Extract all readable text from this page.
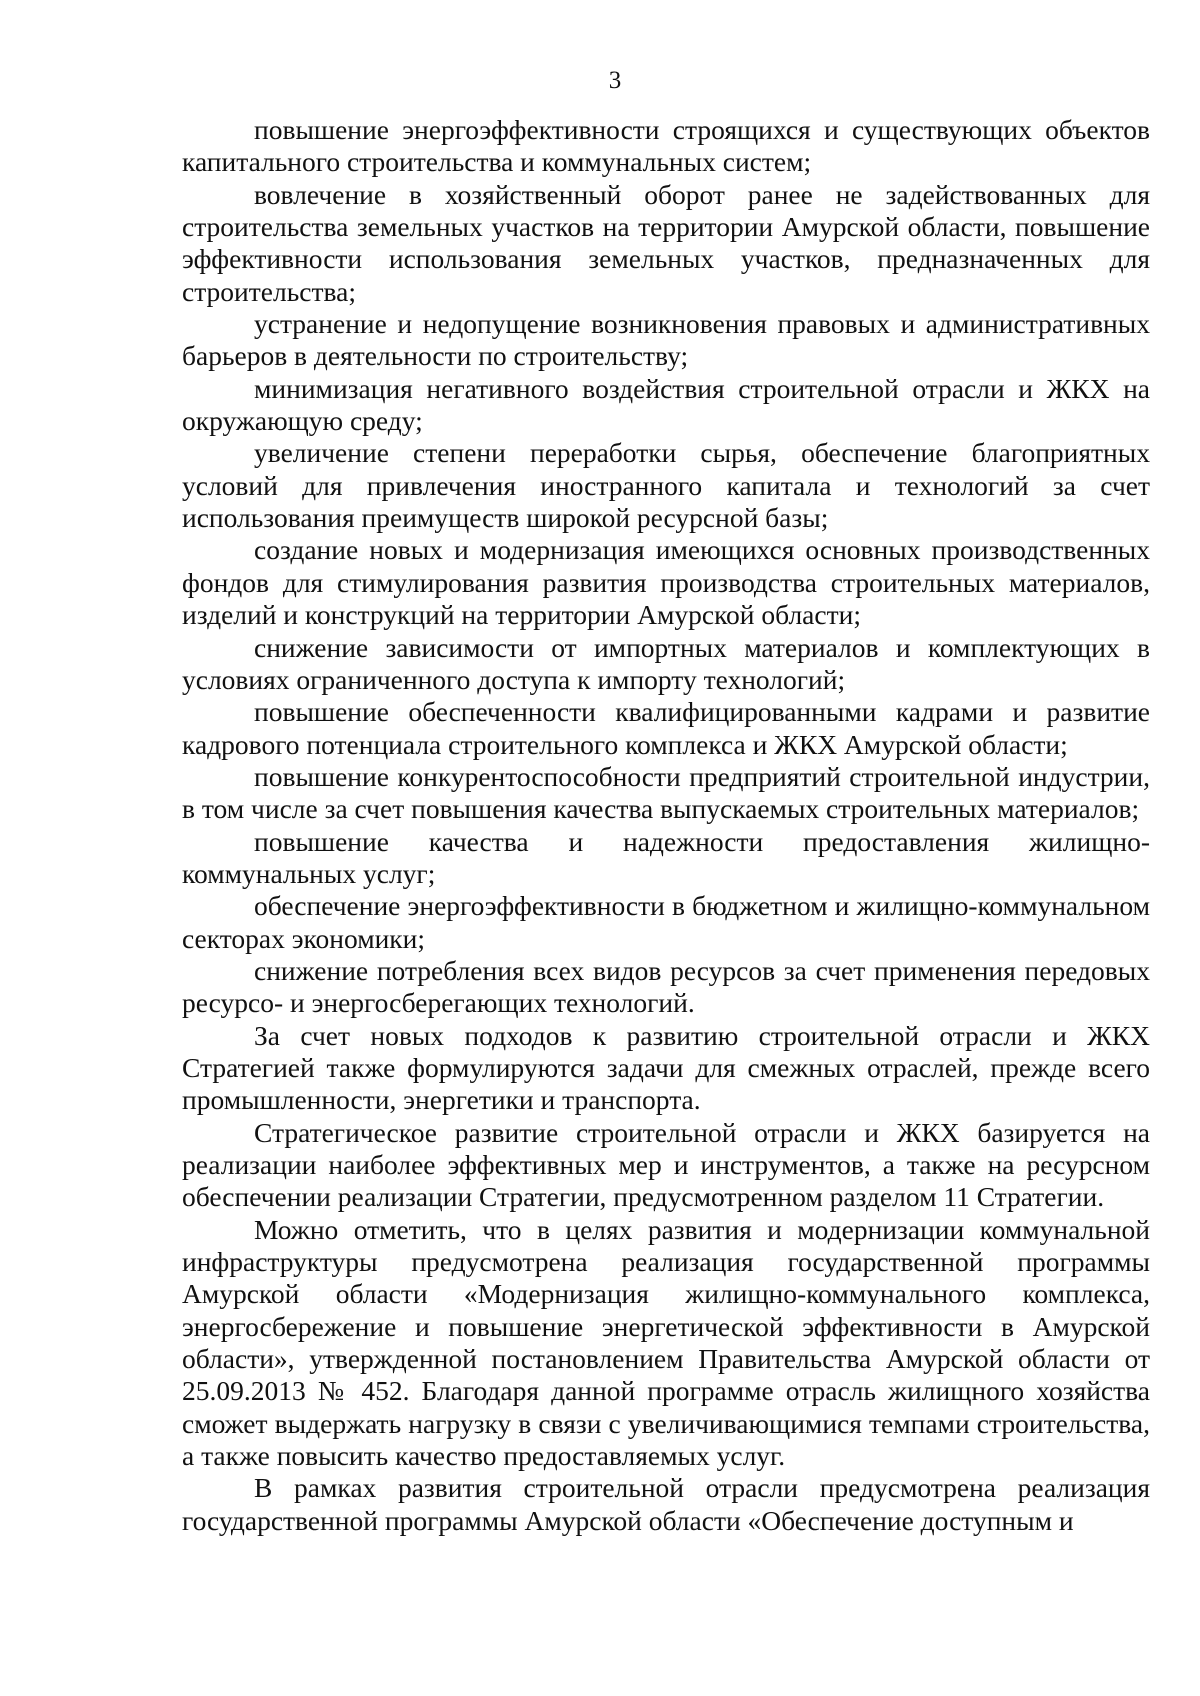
3

повышение энергоэффективности строящихся и существующих объектов капитального строительства и коммунальных систем;

вовлечение в хозяйственный оборот ранее не задействованных для строительства земельных участков на территории Амурской области, повышение эффективности использования земельных участков, предназначенных для строительства;

устранение и недопущение возникновения правовых и административных барьеров в деятельности по строительству;

минимизация негативного воздействия строительной отрасли и ЖКХ на окружающую среду;

увеличение степени переработки сырья, обеспечение благоприятных условий для привлечения иностранного капитала и технологий за счет использования преимуществ широкой ресурсной базы;

создание новых и модернизация имеющихся основных производственных фондов для стимулирования развития производства строительных материалов, изделий и конструкций на территории Амурской области;

снижение зависимости от импортных материалов и комплектующих в условиях ограниченного доступа к импорту технологий;

повышение обеспеченности квалифицированными кадрами и развитие кадрового потенциала строительного комплекса и ЖКХ Амурской области;

повышение конкурентоспособности предприятий строительной индустрии, в том числе за счет повышения качества выпускаемых строительных материалов;

повышение качества и надежности предоставления жилищно-коммунальных услуг;

обеспечение энергоэффективности в бюджетном и жилищно-коммунальном секторах экономики;

снижение потребления всех видов ресурсов за счет применения передовых ресурсо- и энергосберегающих технологий.

За счет новых подходов к развитию строительной отрасли и ЖКХ Стратегией также формулируются задачи для смежных отраслей, прежде всего промышленности, энергетики и транспорта.

Стратегическое развитие строительной отрасли и ЖКХ базируется на реализации наиболее эффективных мер и инструментов, а также на ресурсном обеспечении реализации Стратегии, предусмотренном разделом 11 Стратегии.

Можно отметить, что в целях развития и модернизации коммунальной инфраструктуры предусмотрена реализация государственной программы Амурской области «Модернизация жилищно-коммунального комплекса, энергосбережение и повышение энергетической эффективности в Амурской области», утвержденной постановлением Правительства Амурской области от 25.09.2013 № 452. Благодаря данной программе отрасль жилищного хозяйства сможет выдержать нагрузку в связи с увеличивающимися темпами строительства, а также повысить качество предоставляемых услуг.

В рамках развития строительной отрасли предусмотрена реализация государственной программы Амурской области «Обеспечение доступным и
